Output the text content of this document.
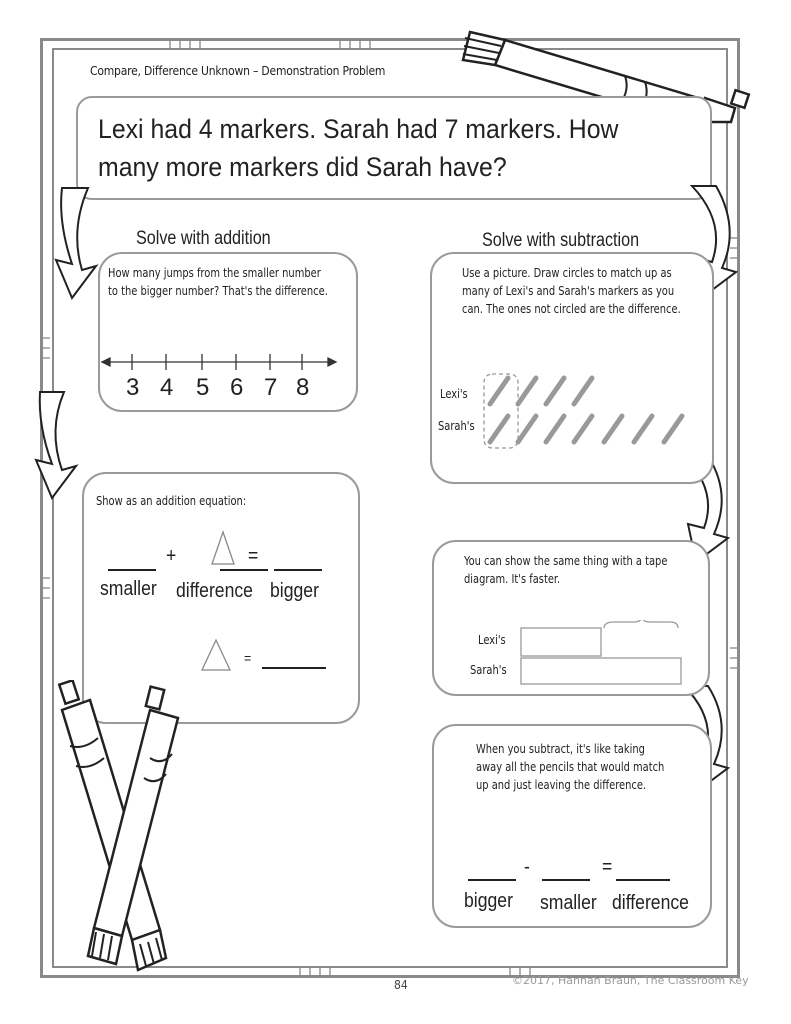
Compare, Difference Unknown – Demonstration Problem
Lexi had 4 markers. Sarah had 7 markers. How many more markers did Sarah have?
Solve with addition	Solve with subtraction
How many jumps from the smaller number to the bigger number? That's the difference.
3 4 5 6 7 8
Show as an addition equation:
+	=
smaller difference bigger
=
Use a picture. Draw circles to match up as many of Lexi's and Sarah's markers as you can. The ones not circled are the difference.
Lexi's
Sarah's
You can show the same thing with a tape diagram. It's faster.
Lexi's
Sarah's
When you subtract, it's like taking away all the pencils that would match up and just leaving the difference.
-	=
bigger smaller difference
84	©2017, Hannah Braun, The Classroom Key
